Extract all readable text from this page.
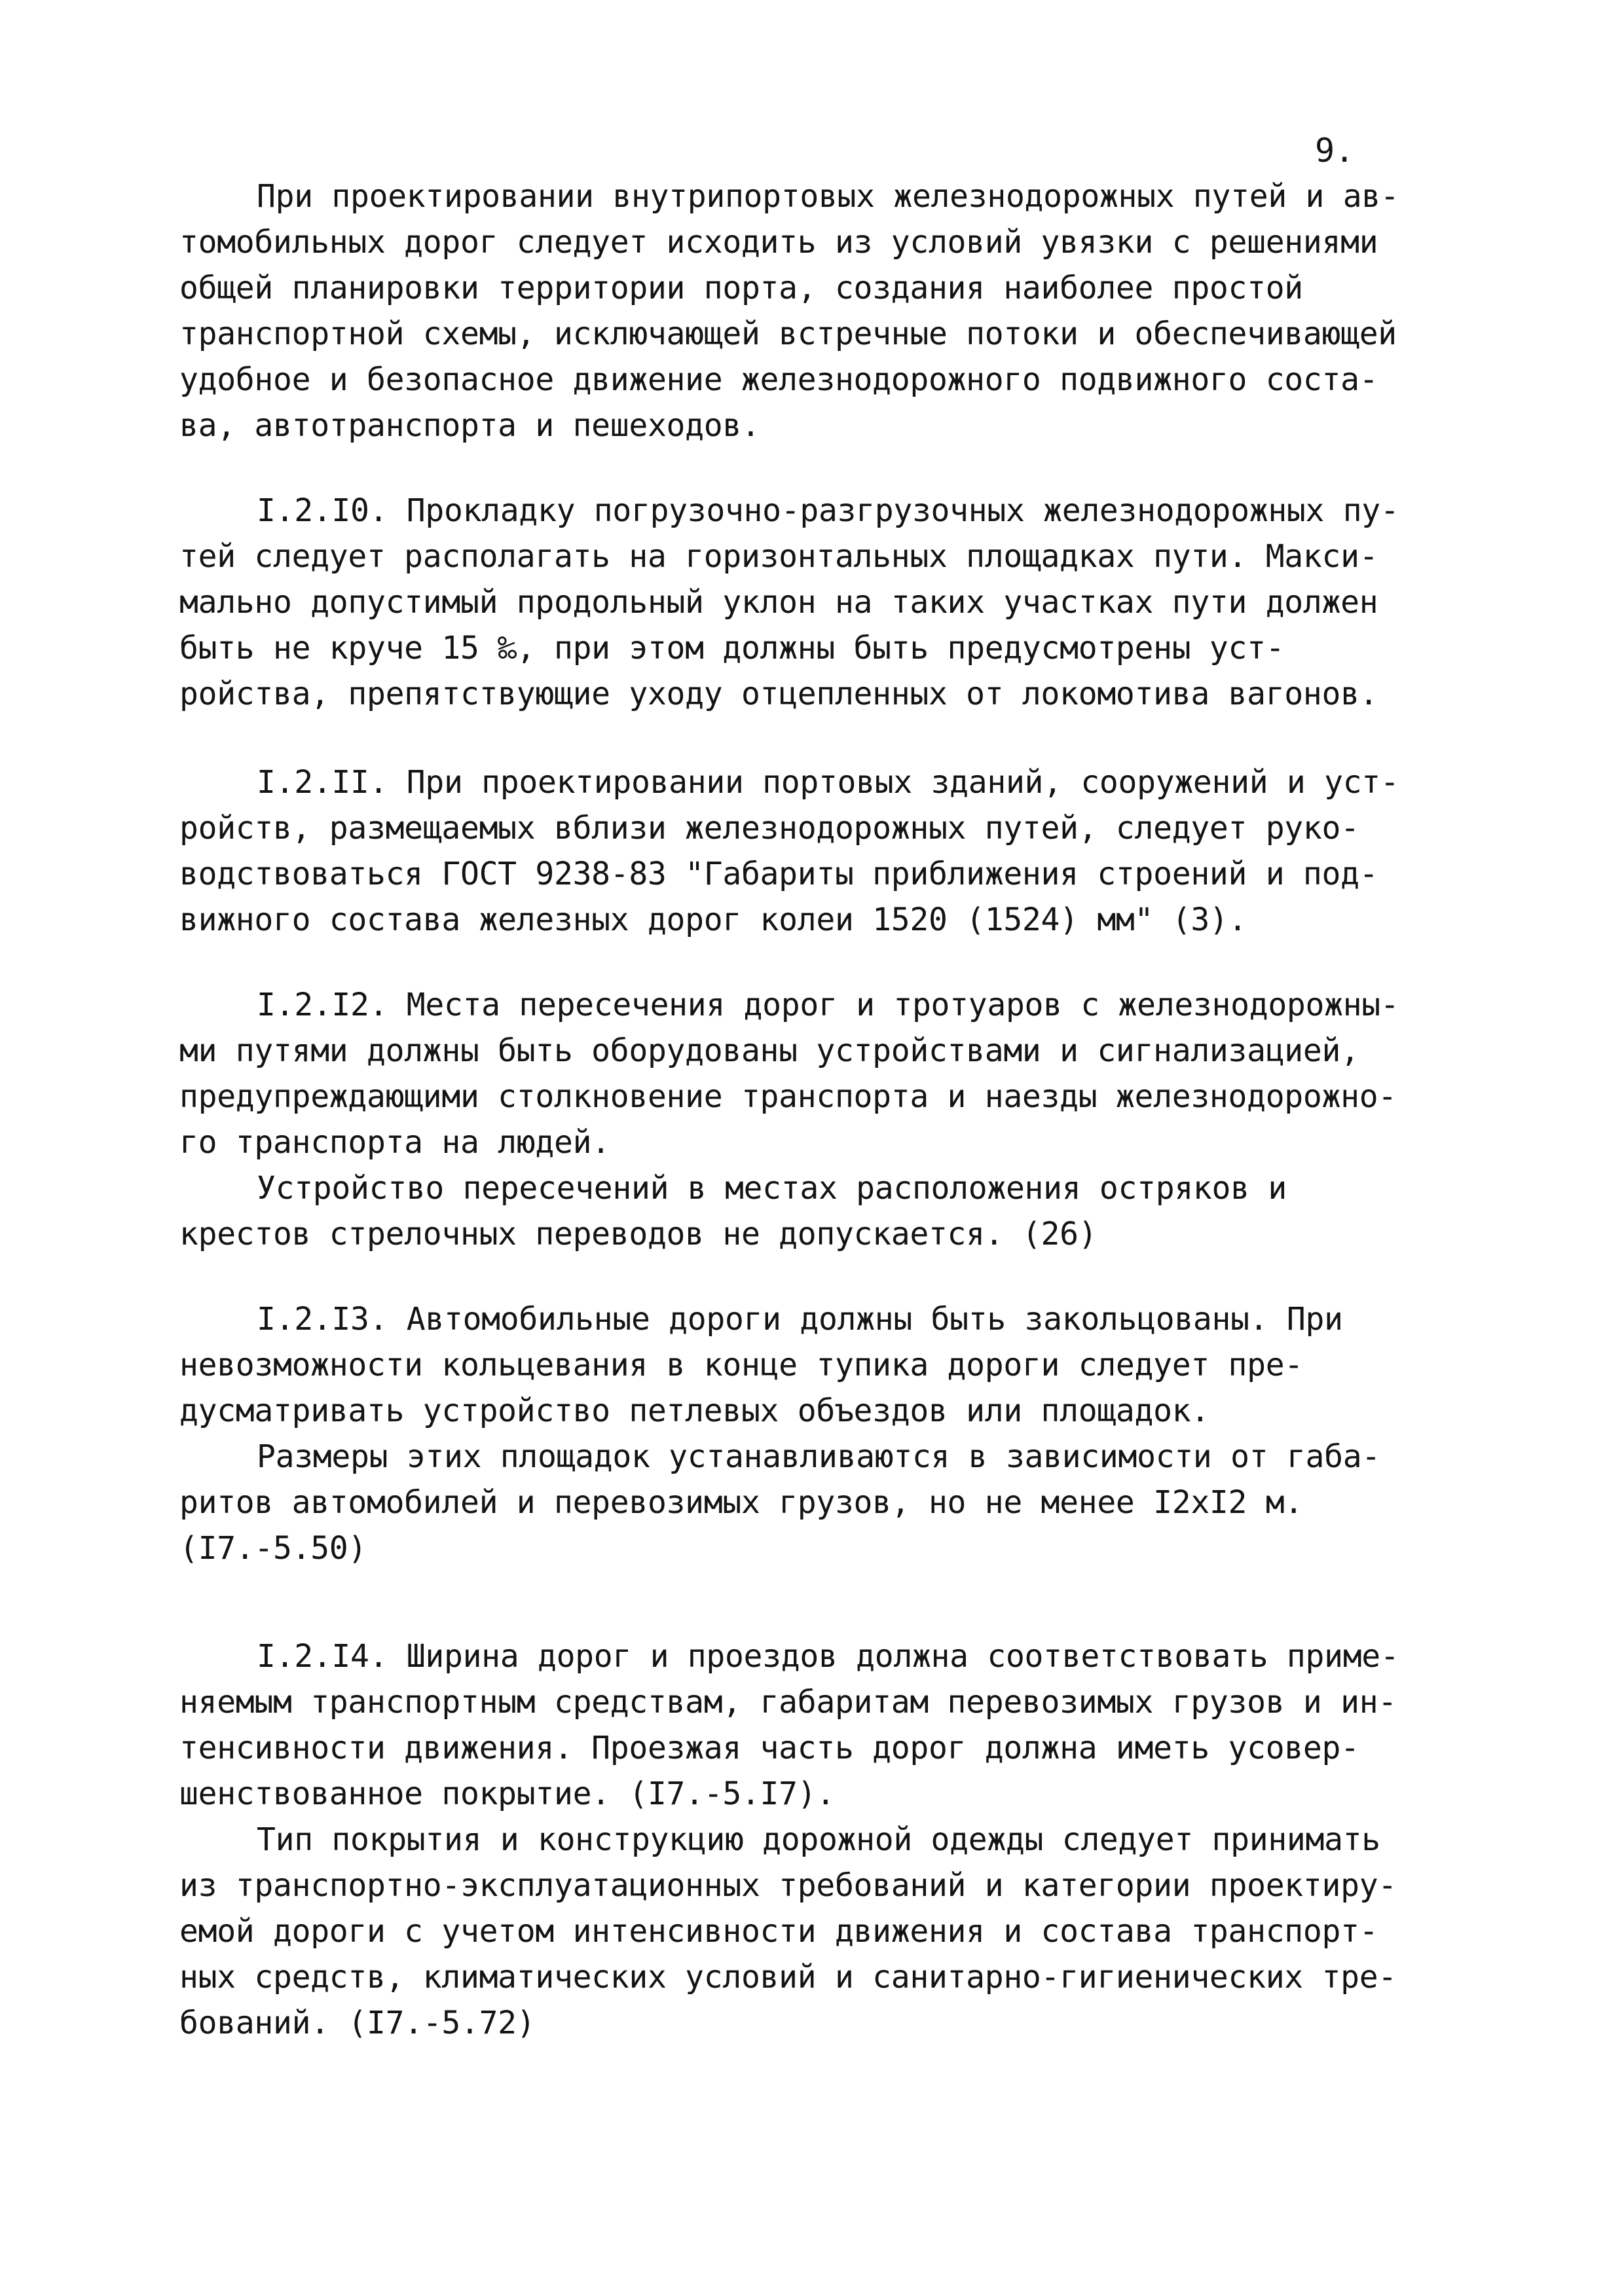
9.

При проектировании внутрипортовых железнодорожных путей и ав-

томобильных дорог следует исходить из условий увязки с решениями

общей планировки территории порта, создания наиболее простой

транспортной схемы, исключающей встречные потоки и обеспечивающей

удобное и безопасное движение железнодорожного подвижного соста-

ва, автотранспорта и пешеходов.

I.2.I0. Прокладку погрузочно-разгрузочных железнодорожных пу-

тей следует располагать на горизонтальных площадках пути. Макси-

мально допустимый продольный уклон на таких участках пути должен

быть не круче 15 ‰, при этом должны быть предусмотрены уст-

ройства, препятствующие уходу отцепленных от локомотива вагонов.

I.2.II. При проектировании портовых зданий, сооружений и уст-

ройств, размещаемых вблизи железнодорожных путей, следует руко-

водствоваться ГОСТ 9238-83 "Габариты приближения строений и под-

вижного состава железных дорог колеи 1520 (1524) мм" (3).

I.2.I2. Места пересечения дорог и тротуаров с железнодорожны-

ми путями должны быть оборудованы устройствами и сигнализацией,

предупреждающими столкновение транспорта и наезды железнодорожно-

го транспорта на людей.

Устройство пересечений в местах расположения остряков и

крестов стрелочных переводов не допускается. (26)

I.2.I3. Автомобильные дороги должны быть закольцованы. При

невозможности кольцевания в конце тупика дороги следует пре-

дусматривать устройство петлевых объездов или площадок.

Размеры этих площадок устанавливаются в зависимости от габа-

ритов автомобилей и перевозимых грузов, но не менее I2xI2 м.

(I7.-5.50)

I.2.I4. Ширина дорог и проездов должна соответствовать приме-

няемым транспортным средствам, габаритам перевозимых грузов и ин-

тенсивности движения. Проезжая часть дорог должна иметь усовер-

шенствованное покрытие. (I7.-5.I7).

Тип покрытия и конструкцию дорожной одежды следует принимать

из транспортно-эксплуатационных требований и категории проектиру-

емой дороги с учетом интенсивности движения и состава транспорт-

ных средств, климатических условий и санитарно-гигиенических тре-

бований. (I7.-5.72)
